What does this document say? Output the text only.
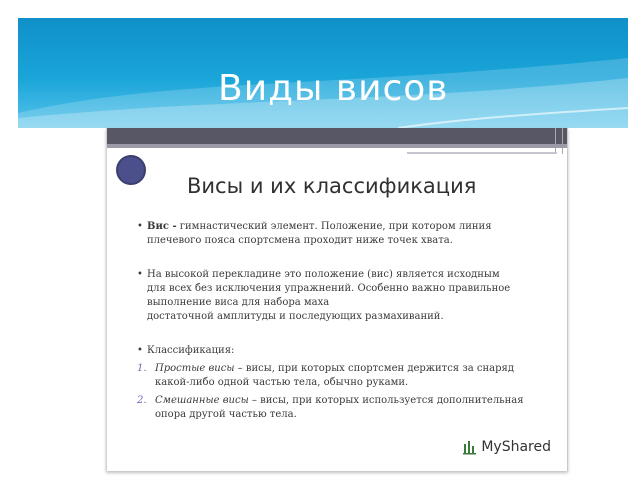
Виды висов
Висы и их классификация
• Вис - гимнастический элемент. Положение, при котором линия
плечевого пояса спортсмена проходит ниже точек хвата.
• На высокой перекладине это положение (вис) является исходным
для всех без исключения упражнений. Особенно важно правильное
выполнение виса для набора маха
достаточной амплитуды и последующих размахиваний.
• Классификация:
1. Простые висы – висы, при которых спортсмен держится за снаряд
какой-либо одной частью тела, обычно руками.
2. Смешанные висы – висы, при которых используется дополнительная
опора другой частью тела.
MyShared
